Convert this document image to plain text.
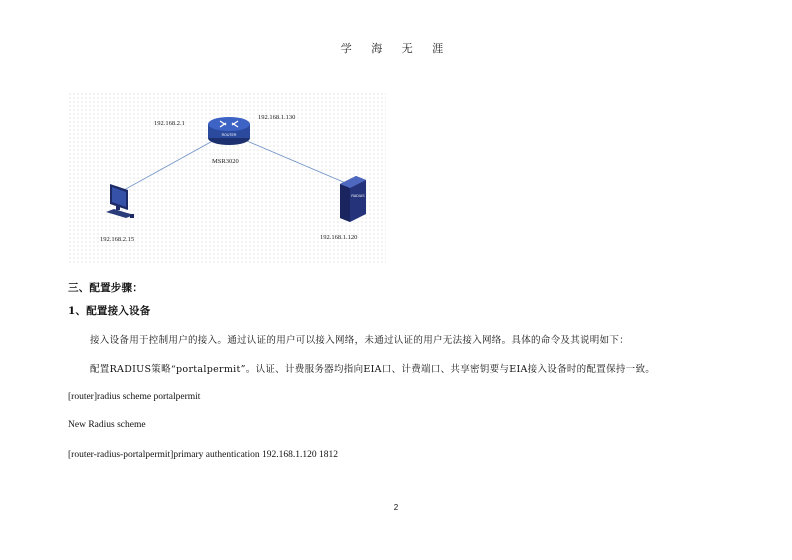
学 海 无 涯
ROUTER
RADIUS
192.168.2.1
192.168.1.130
MSR3020
192.168.2.15	192.168.1.120
三、配置步骤：
1、配置接入设备
接入设备用于控制用户的接入。通过认证的用户可以接入网络，未通过认证的用户无法接入网络。具体的命令及其说明如下：
配置RADIUS策略“portalpermit”。认证、计费服务器均指向EIA口、计费端口、共享密钥要与EIA接入设备时的配置保持一致。
[router]radius scheme portalpermit
New Radius scheme
[router-radius-portalpermit]primary authentication 192.168.1.120 1812
2
